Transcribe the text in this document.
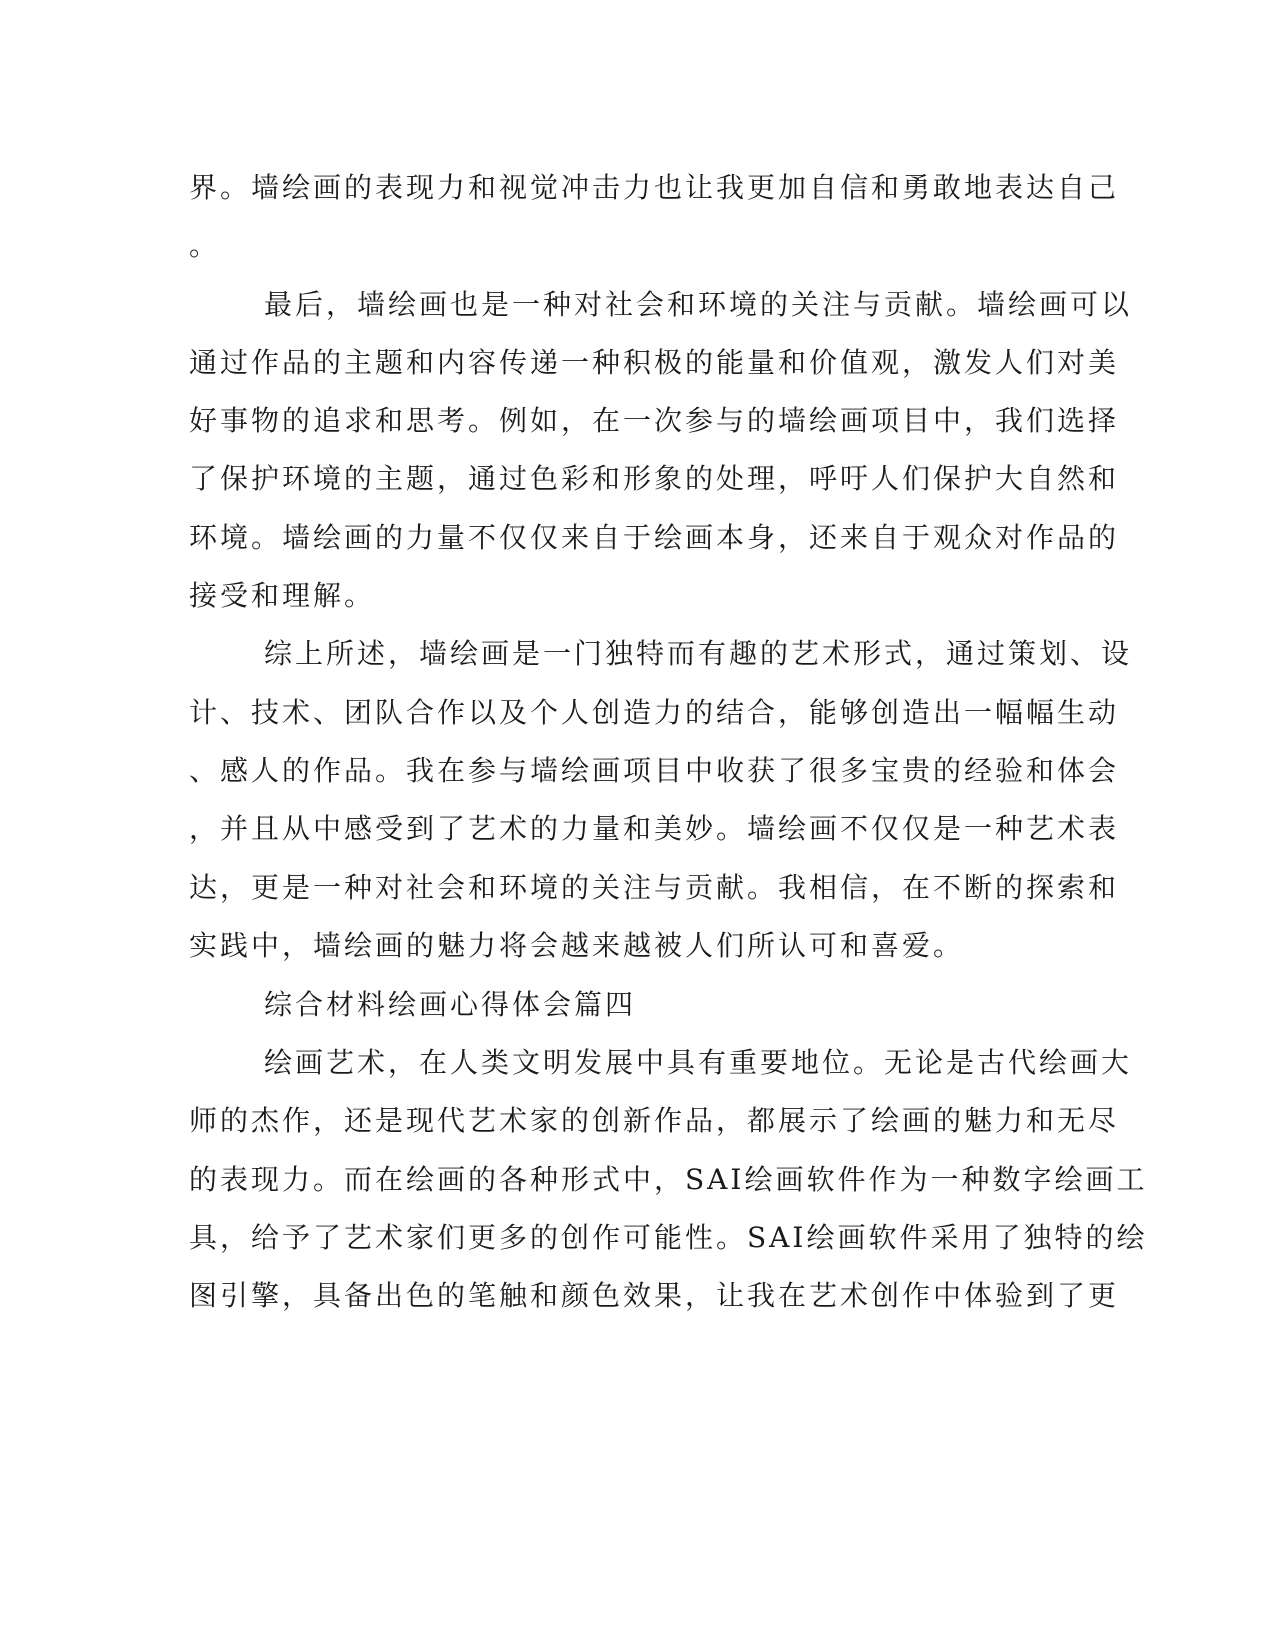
界。墙绘画的表现力和视觉冲击力也让我更加自信和勇敢地表达自己
。
最后，墙绘画也是一种对社会和环境的关注与贡献。墙绘画可以
通过作品的主题和内容传递一种积极的能量和价值观，激发人们对美
好事物的追求和思考。例如，在一次参与的墙绘画项目中，我们选择
了保护环境的主题，通过色彩和形象的处理，呼吁人们保护大自然和
环境。墙绘画的力量不仅仅来自于绘画本身，还来自于观众对作品的
接受和理解。
综上所述，墙绘画是一门独特而有趣的艺术形式，通过策划、设
计、技术、团队合作以及个人创造力的结合，能够创造出一幅幅生动
、感人的作品。我在参与墙绘画项目中收获了很多宝贵的经验和体会
，并且从中感受到了艺术的力量和美妙。墙绘画不仅仅是一种艺术表
达，更是一种对社会和环境的关注与贡献。我相信，在不断的探索和
实践中，墙绘画的魅力将会越来越被人们所认可和喜爱。
综合材料绘画心得体会篇四
绘画艺术，在人类文明发展中具有重要地位。无论是古代绘画大
师的杰作，还是现代艺术家的创新作品，都展示了绘画的魅力和无尽
的表现力。而在绘画的各种形式中，SAI绘画软件作为一种数字绘画工
具，给予了艺术家们更多的创作可能性。SAI绘画软件采用了独特的绘
图引擎，具备出色的笔触和颜色效果，让我在艺术创作中体验到了更
